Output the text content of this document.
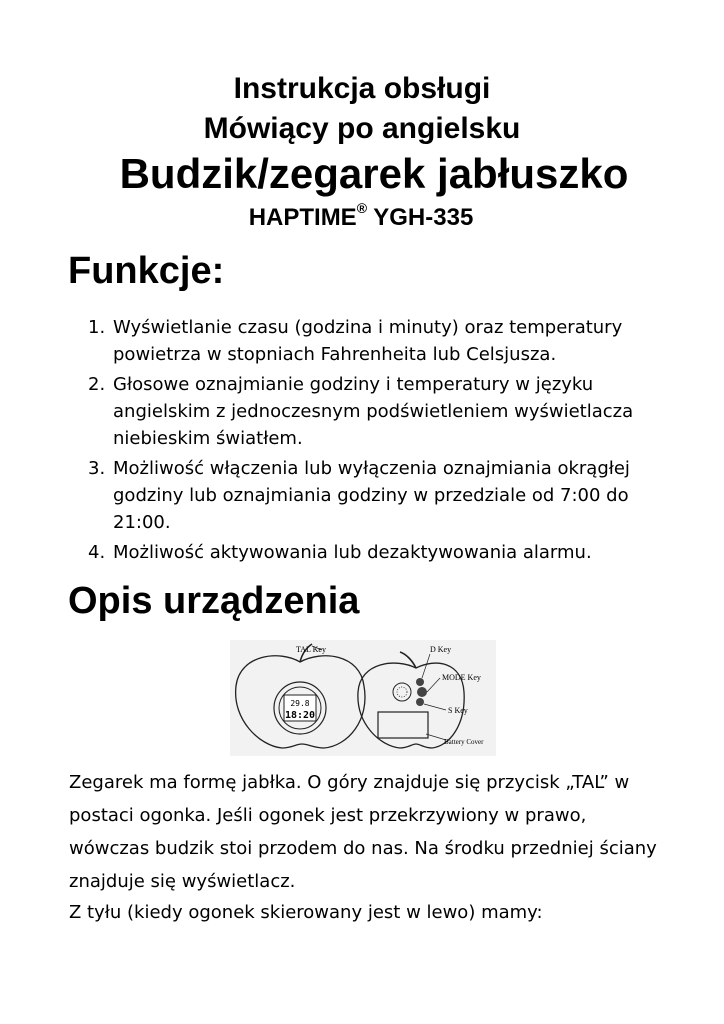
Instrukcja obsługi
Mówiący po angielsku
Budzik/zegarek jabłuszko
HAPTIME® YGH-335
Funkcje:
1. Wyświetlanie czasu (godzina i minuty) oraz temperatury powietrza w stopniach Fahrenheita lub Celsjusza.
2. Głosowe oznajmianie godziny i temperatury w języku angielskim z jednoczesnym podświetleniem wyświetlacza niebieskim światłem.
3. Możliwość włączenia lub wyłączenia oznajmiania okrągłej godziny lub oznajmiania godziny w przedziale od 7:00 do 21:00.
4. Możliwość aktywowania lub dezaktywowania alarmu.
Opis urządzenia
29.8
18:20
TAL Key	D Key
MODE Key
S Key
Battery Cover
Zegarek ma formę jabłka. O góry znajduje się przycisk „TAL” w postaci ogonka. Jeśli ogonek jest przekrzywiony w prawo, wówczas budzik stoi przodem do nas. Na środku przedniej ściany znajduje się wyświetlacz.
Z tyłu (kiedy ogonek skierowany jest w lewo) mamy:
